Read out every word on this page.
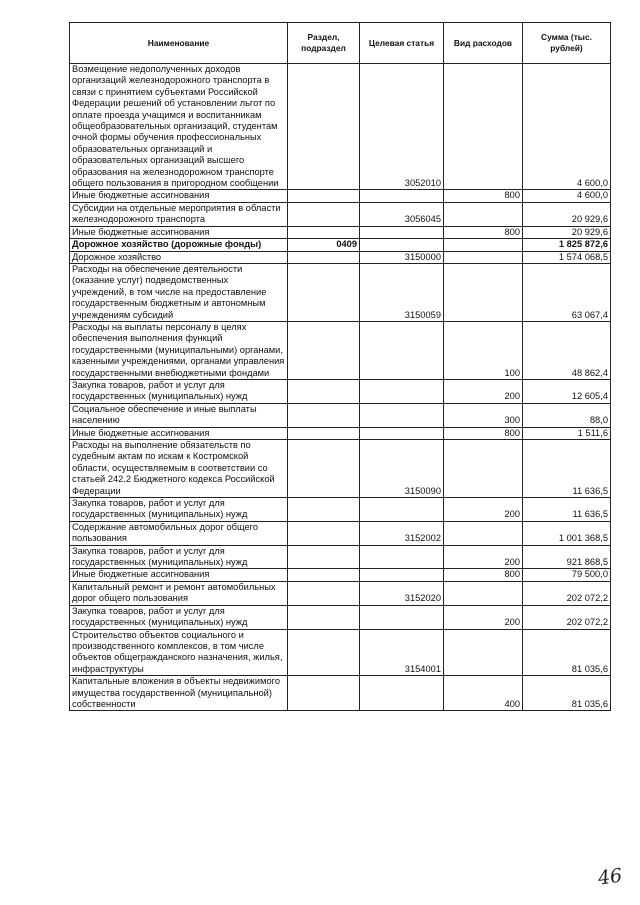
Наименование	Раздел, подраздел	Целевая статья	Вид расходов	Сумма (тыс. рублей)
Возмещение недополученных доходов организаций железнодорожного транспорта в связи с принятием субъектами Российской Федерации решений об установлении льгот по оплате проезда учащимся и воспитанникам общеобразовательных организаций, студентам очной формы обучения профессиональных образовательных организаций и образовательных организаций высшего образования на железнодорожном транспорте общего пользования в пригородном сообщении		3052010		4 600,0
Иные бюджетные ассигнования			800	4 600,0
Субсидии на отдельные мероприятия в области железнодорожного транспорта		3056045		20 929,6
Иные бюджетные ассигнования			800	20 929,6
Дорожное хозяйство (дорожные фонды)	0409			1 825 872,6
Дорожное хозяйство		3150000		1 574 068,5
Расходы на обеспечение деятельности (оказание услуг) подведомственных учреждений, в том числе на предоставление государственным бюджетным и автономным учреждениям субсидий		3150059		63 067,4
Расходы на выплаты персоналу в целях обеспечения выполнения функций государственными (муниципальными) органами, казенными учреждениями, органами управления государственными внебюджетными фондами			100	48 862,4
Закупка товаров, работ и услуг для государственных (муниципальных) нужд			200	12 605,4
Социальное обеспечение и иные выплаты населению			300	88,0
Иные бюджетные ассигнования			800	1 511,6
Расходы на выполнение обязательств по судебным актам по искам к Костромской области, осуществляемым в соответствии со статьей 242.2 Бюджетного кодекса Российской Федерации		3150090		11 636,5
Закупка товаров, работ и услуг для государственных (муниципальных) нужд			200	11 636,5
Содержание автомобильных дорог общего пользования		3152002		1 001 368,5
Закупка товаров, работ и услуг для государственных (муниципальных) нужд			200	921 868,5
Иные бюджетные ассигнования			800	79 500,0
Капитальный ремонт и ремонт автомобильных дорог общего пользования		3152020		202 072,2
Закупка товаров, работ и услуг для государственных (муниципальных) нужд			200	202 072,2
Строительство объектов социального и производственного комплексов, в том числе объектов общегражданского назначения, жилья, инфраструктуры		3154001		81 035,6
Капитальные вложения в объекты недвижимого имущества государственной (муниципальной) собственности			400	81 035,6
46
